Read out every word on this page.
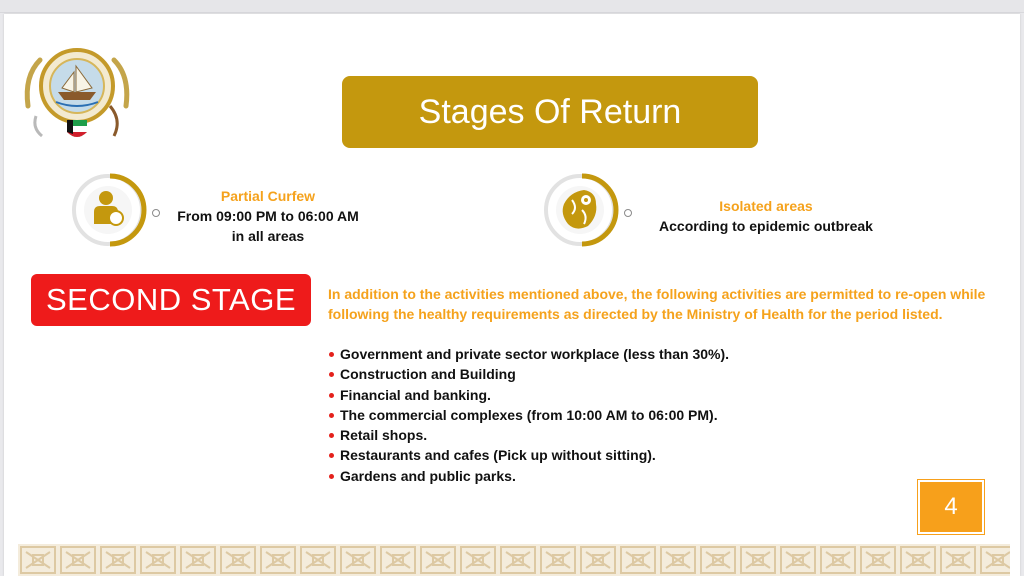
Stages Of Return
Partial Curfew
From 09:00 PM to 06:00 AM
in all areas
Isolated areas
According to epidemic outbreak
SECOND STAGE	In addition to the activities mentioned above, the following activities are permitted to re-open while following the healthy requirements as directed by the Ministry of Health for the period listed.
Government and private sector workplace (less than 30%).
Construction and Building
Financial and banking.
The commercial complexes (from 10:00 AM to 06:00 PM).
Retail shops.
Restaurants and cafes (Pick up without sitting).
Gardens and public parks.
4
